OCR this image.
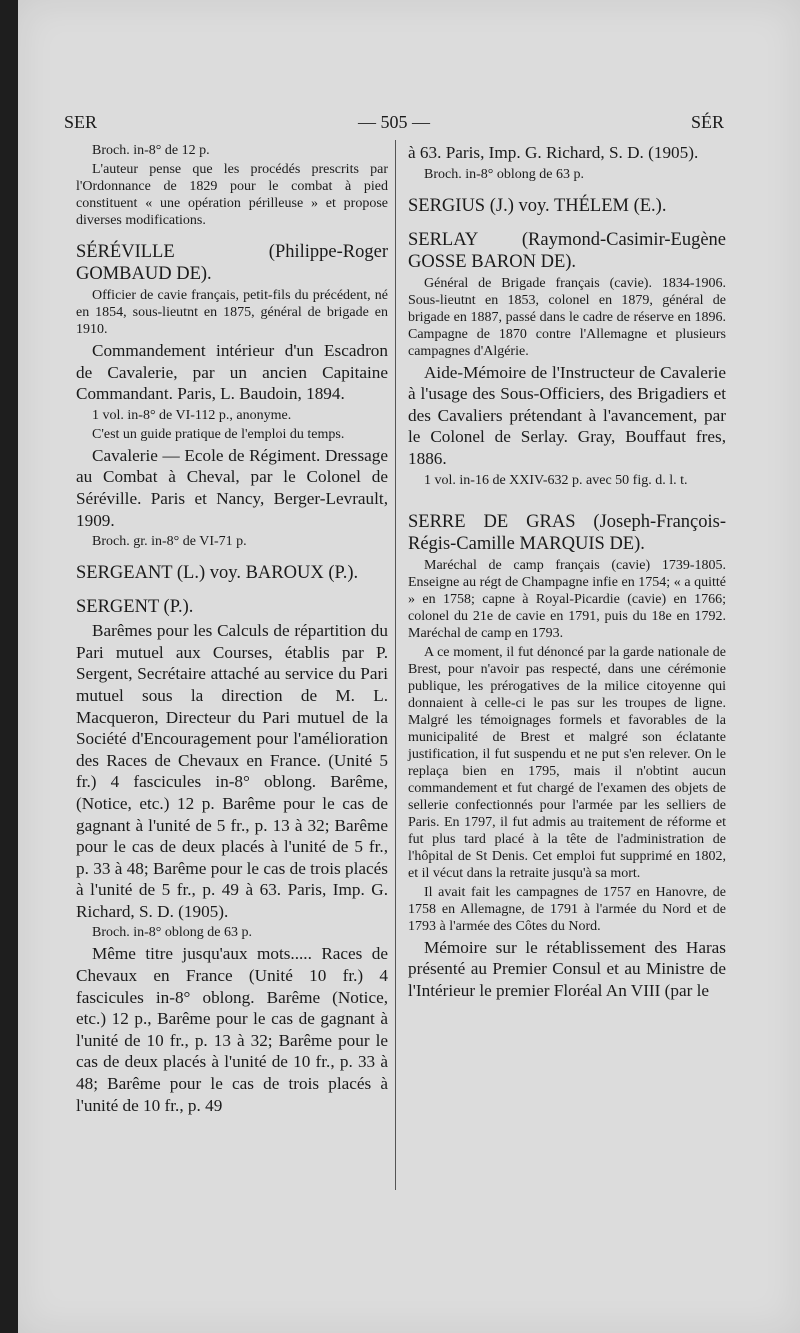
SER	— 505 —	SÉR

Broch. in-8° de 12 p.

L'auteur pense que les procédés prescrits par l'Ordonnance de 1829 pour le combat à pied constituent « une opération périlleuse » et propose diverses modifications.

SÉRÉVILLE (Philippe-Roger GOMBAUD DE).

Officier de cavie français, petit-fils du précédent, né en 1854, sous-lieutnt en 1875, général de brigade en 1910.

Commandement intérieur d'un Escadron de Cavalerie, par un ancien Capitaine Commandant. Paris, L. Baudoin, 1894.

1 vol. in-8° de VI-112 p., anonyme.

C'est un guide pratique de l'emploi du temps.

Cavalerie — Ecole de Régiment. Dressage au Combat à Cheval, par le Colonel de Séréville. Paris et Nancy, Berger-Levrault, 1909.

Broch. gr. in-8° de VI-71 p.

SERGEANT (L.) voy. BAROUX (P.).

SERGENT (P.).

Barêmes pour les Calculs de répartition du Pari mutuel aux Courses, établis par P. Sergent, Secrétaire attaché au service du Pari mutuel sous la direction de M. L. Macqueron, Directeur du Pari mutuel de la Société d'Encouragement pour l'amélioration des Races de Chevaux en France. (Unité 5 fr.) 4 fascicules in-8° oblong. Barême, (Notice, etc.) 12 p. Barême pour le cas de gagnant à l'unité de 5 fr., p. 13 à 32; Barême pour le cas de deux placés à l'unité de 5 fr., p. 33 à 48; Barême pour le cas de trois placés à l'unité de 5 fr., p. 49 à 63. Paris, Imp. G. Richard, S. D. (1905).

Broch. in-8° oblong de 63 p.

Même titre jusqu'aux mots..... Races de Chevaux en France (Unité 10 fr.) 4 fascicules in-8° oblong. Barême (Notice, etc.) 12 p., Barême pour le cas de gagnant à l'unité de 10 fr., p. 13 à 32; Barême pour le cas de deux placés à l'unité de 10 fr., p. 33 à 48; Barême pour le cas de trois placés à l'unité de 10 fr., p. 49

à 63. Paris, Imp. G. Richard, S. D. (1905).

Broch. in-8° oblong de 63 p.

SERGIUS (J.) voy. THÉLEM (E.).

SERLAY (Raymond-Casimir-Eugène GOSSE BARON DE).

Général de Brigade français (cavie). 1834-1906. Sous-lieutnt en 1853, colonel en 1879, général de brigade en 1887, passé dans le cadre de réserve en 1896. Campagne de 1870 contre l'Allemagne et plusieurs campagnes d'Algérie.

Aide-Mémoire de l'Instructeur de Cavalerie à l'usage des Sous-Officiers, des Brigadiers et des Cavaliers prétendant à l'avancement, par le Colonel de Serlay. Gray, Bouffaut fres, 1886.

1 vol. in-16 de XXIV-632 p. avec 50 fig. d. l. t.

SERRE DE GRAS (Joseph-François-Régis-Camille MARQUIS DE).

Maréchal de camp français (cavie) 1739-1805. Enseigne au régt de Champagne infie en 1754; « a quitté » en 1758; capne à Royal-Picardie (cavie) en 1766; colonel du 21e de cavie en 1791, puis du 18e en 1792. Maréchal de camp en 1793.

A ce moment, il fut dénoncé par la garde nationale de Brest, pour n'avoir pas respecté, dans une cérémonie publique, les prérogatives de la milice citoyenne qui donnaient à celle-ci le pas sur les troupes de ligne. Malgré les témoignages formels et favorables de la municipalité de Brest et malgré son éclatante justification, il fut suspendu et ne put s'en relever. On le replaça bien en 1795, mais il n'obtint aucun commandement et fut chargé de l'examen des objets de sellerie confectionnés pour l'armée par les selliers de Paris. En 1797, il fut admis au traitement de réforme et fut plus tard placé à la tête de l'administration de l'hôpital de St Denis. Cet emploi fut supprimé en 1802, et il vécut dans la retraite jusqu'à sa mort.

Il avait fait les campagnes de 1757 en Hanovre, de 1758 en Allemagne, de 1791 à l'armée du Nord et de 1793 à l'armée des Côtes du Nord.

Mémoire sur le rétablissement des Haras présenté au Premier Consul et au Ministre de l'Intérieur le premier Floréal An VIII (par le
